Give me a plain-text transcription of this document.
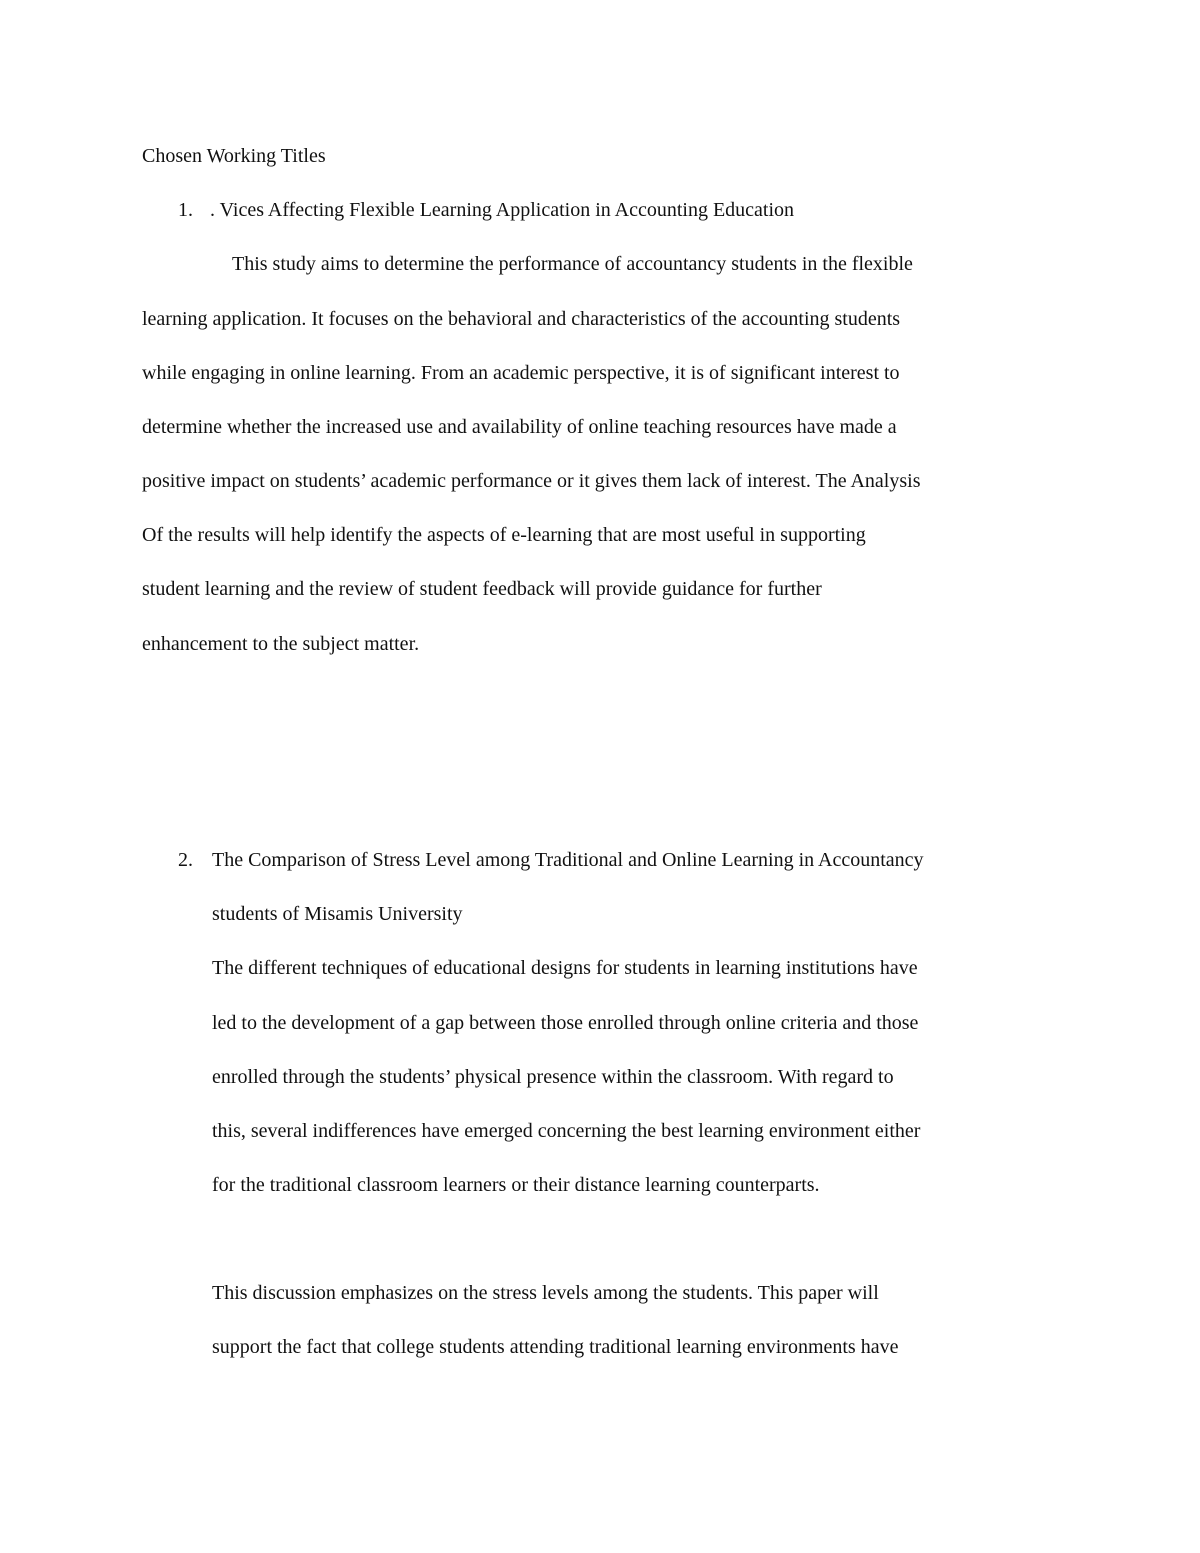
Chosen Working Titles
1. . Vices Affecting Flexible Learning Application in Accounting Education
This study aims to determine the performance of accountancy students in the flexible
learning application. It focuses on the behavioral and characteristics of the accounting students
while engaging in online learning. From an academic perspective, it is of significant interest to
determine whether the increased use and availability of online teaching resources have made a
positive impact on students’ academic performance or it gives them lack of interest. The Analysis
Of the results will help identify the aspects of e-learning that are most useful in supporting
student learning and the review of student feedback will provide guidance for further
enhancement to the subject matter.
2. The Comparison of Stress Level among Traditional and Online Learning in Accountancy
students of Misamis University
The different techniques of educational designs for students in learning institutions have
led to the development of a gap between those enrolled through online criteria and those
enrolled through the students’ physical presence within the classroom. With regard to
this, several indifferences have emerged concerning the best learning environment either
for the traditional classroom learners or their distance learning counterparts.
This discussion emphasizes on the stress levels among the students. This paper will
support the fact that college students attending traditional learning environments have
